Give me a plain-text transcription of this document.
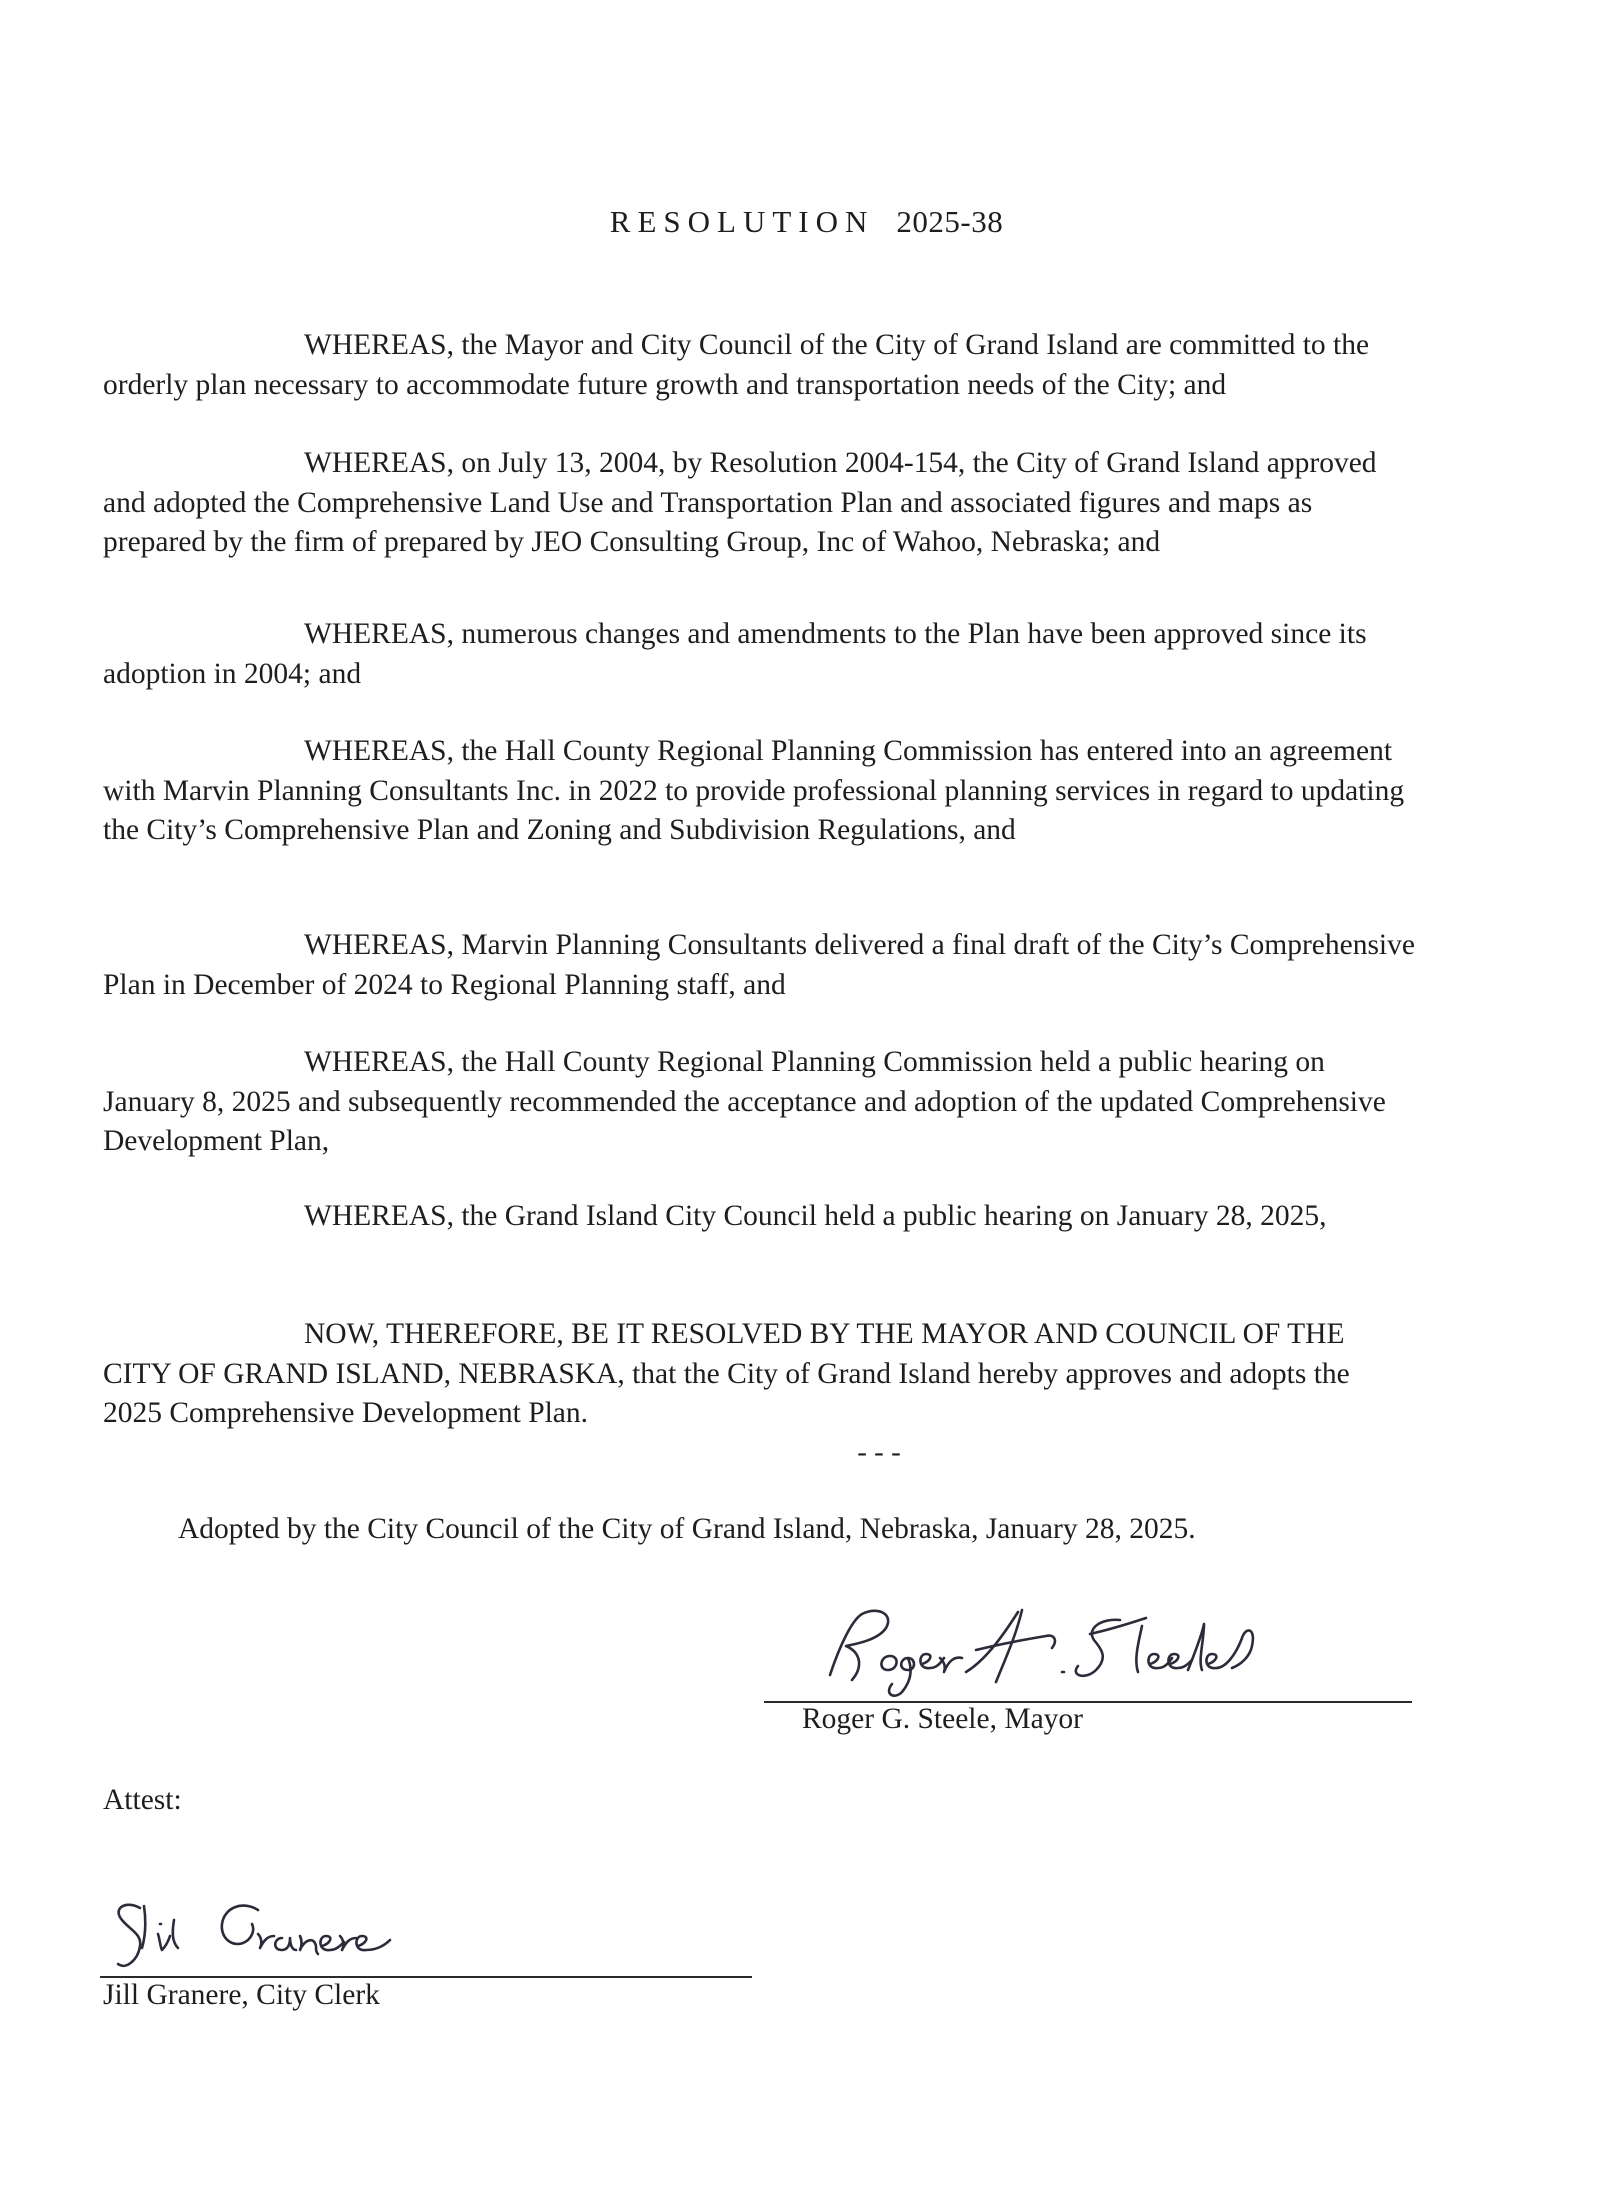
RESOLUTION 2025-38

WHEREAS, the Mayor and City Council of the City of Grand Island are committed to the orderly plan necessary to accommodate future growth and transportation needs of the City; and

WHEREAS, on July 13, 2004, by Resolution 2004-154, the City of Grand Island approved and adopted the Comprehensive Land Use and Transportation Plan and associated figures and maps as prepared by the firm of prepared by JEO Consulting Group, Inc of Wahoo, Nebraska; and

WHEREAS, numerous changes and amendments to the Plan have been approved since its adoption in 2004; and

WHEREAS, the Hall County Regional Planning Commission has entered into an agreement with Marvin Planning Consultants Inc. in 2022 to provide professional planning services in regard to updating the City’s Comprehensive Plan and Zoning and Subdivision Regulations, and

WHEREAS, Marvin Planning Consultants delivered a final draft of the City’s Comprehensive Plan in December of 2024 to Regional Planning staff, and

WHEREAS, the Hall County Regional Planning Commission held a public hearing on January 8, 2025 and subsequently recommended the acceptance and adoption of the updated Comprehensive Development Plan,

WHEREAS, the Grand Island City Council held a public hearing on January 28, 2025,

NOW, THEREFORE, BE IT RESOLVED BY THE MAYOR AND COUNCIL OF THE CITY OF GRAND ISLAND, NEBRASKA, that the City of Grand Island hereby approves and adopts the 2025 Comprehensive Development Plan.

- - -

Adopted by the City Council of the City of Grand Island, Nebraska, January 28, 2025.

Roger G. Steele, Mayor

Attest:

Jill Granere, City Clerk
